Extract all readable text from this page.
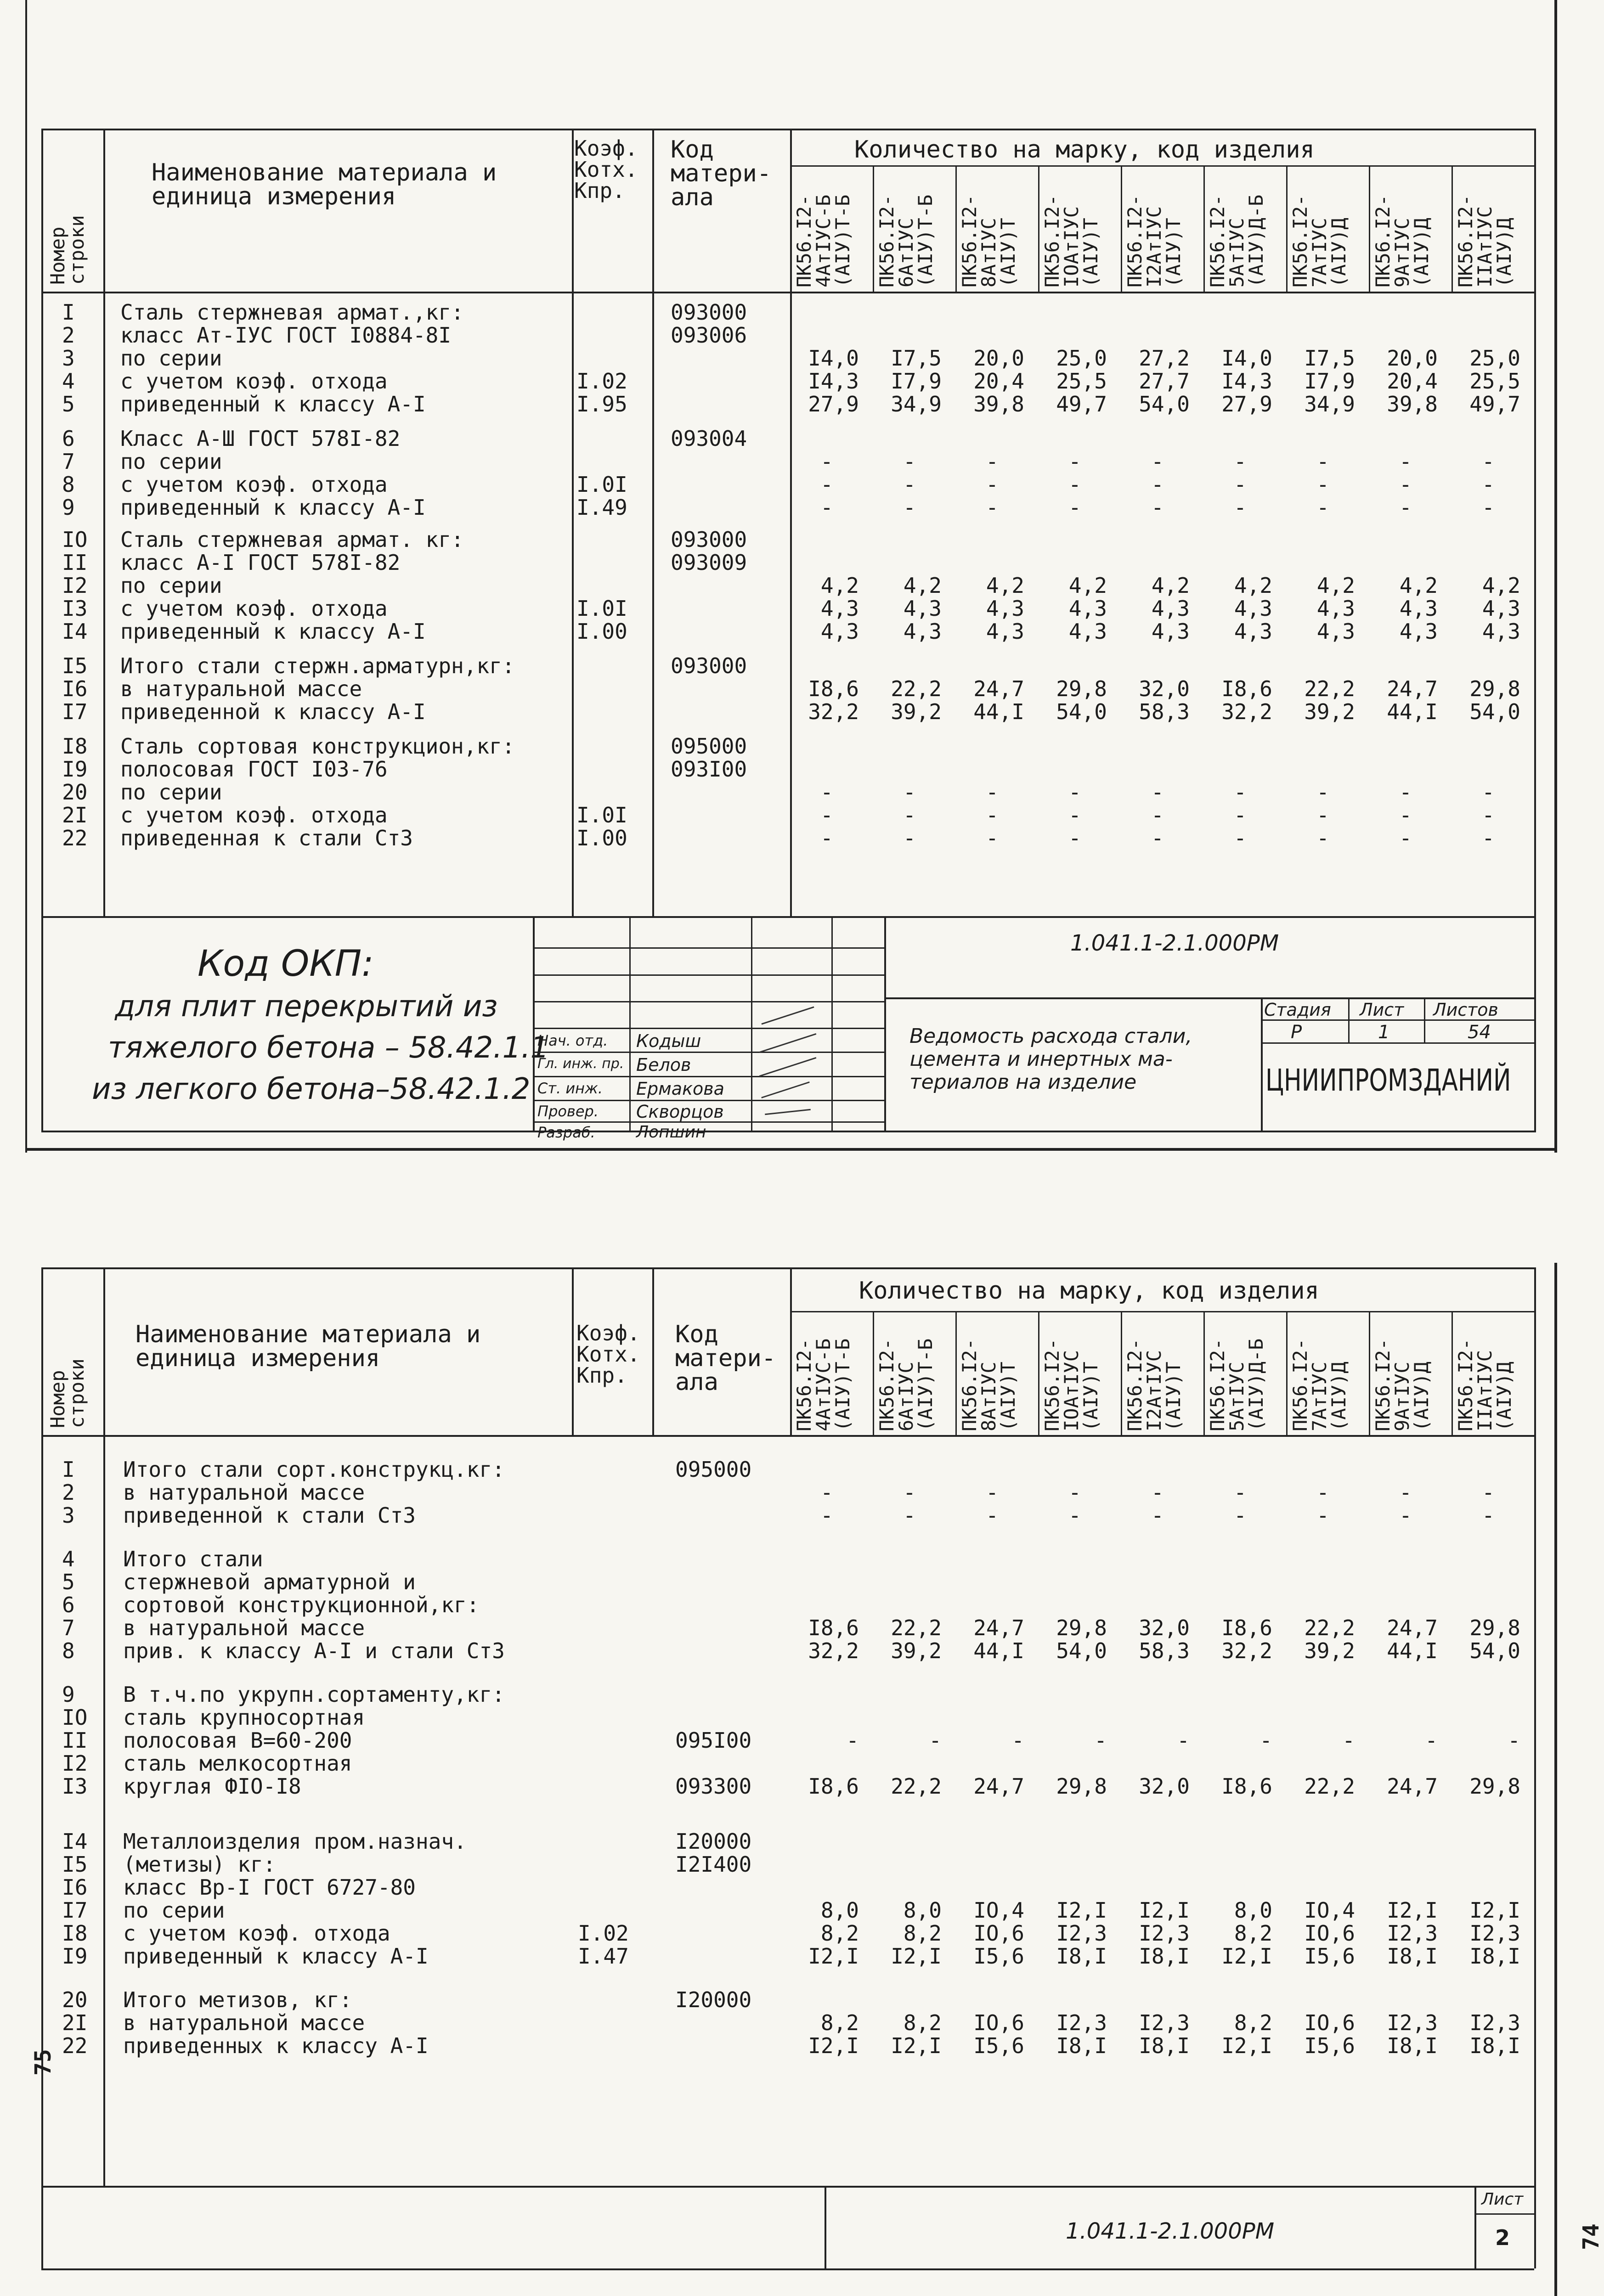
Номер
строки
Наименование материала и
единица измерения
Коэф.
Котх.
Кпр.
Код
матери-
ала
Количество на марку, код изделия
ПК56.I2-
4АтIУС-Б
(АIУ)Т-Б ПК56.I2-
6АтIУС
(АIУ)Т-Б ПК56.I2-
8АтIУС
(АIУ)Т ПК56.I2-
IОАтIУС
(АIУ)Т ПК56.I2-
I2АтIУС
(АIУ)Т ПК56.I2-
5АтIУС
(АIУ)Д-Б ПК56.I2-
7АтIУС
(АIУ)Д ПК56.I2-
9АтIУС
(АIУ)Д ПК56.I2-
IIАтIУС
(АIУ)Д
I
2
3
4
5
Сталь стержневая армат.,кг:
класс Ат-IУС ГОСТ I0884-8I
по серии
с учетом коэф. отхода
приведенный к классу А-I

I.02
I.95
093000
093006

I4,0
I4,3
27,9

I7,5
I7,9
34,9

20,0
20,4
39,8

25,0
25,5
49,7

27,2
27,7
54,0

I4,0
I4,3
27,9

I7,5
I7,9
34,9

20,0
20,4
39,8

25,0
25,5
49,7
6
7
8
9
Класс А-Ш ГОСТ 578I-82
по серии
с учетом коэф. отхода
приведенный к классу А-I

I.0I
I.49
093004

-
-
-

-
-
-

-
-
-

-
-
-

-
-
-

-
-
-

-
-
-

-
-
-

-
-
-
IO
II
I2
I3
I4
Сталь стержневая армат. кг:
класс А-I ГОСТ 578I-82
по серии
с учетом коэф. отхода
приведенный к классу А-I

I.0I
I.00
093000
093009

4,2
4,3
4,3

4,2
4,3
4,3

4,2
4,3
4,3

4,2
4,3
4,3

4,2
4,3
4,3

4,2
4,3
4,3

4,2
4,3
4,3

4,2
4,3
4,3

4,2
4,3
4,3
I5
I6
I7
Итого стали стержн.арматурн,кг:
в натуральной массе
приведенной к классу А-I
093000

I8,6
32,2

22,2
39,2

24,7
44,I

29,8
54,0

32,0
58,3

I8,6
32,2

22,2
39,2

24,7
44,I

29,8
54,0
I8
I9
20
2I
22
Сталь сортовая конструкцион,кг:
полосовая ГОСТ I03-76
по серии
с учетом коэф. отхода
приведенная к стали Ст3

I.0I
I.00
095000
093I00

-
-
-

-
-
-

-
-
-

-
-
-

-
-
-

-
-
-

-
-
-

-
-
-

-
-
-
Код ОКП:
для плит перекрытий из
тяжелого бетона – 58.42.1.1
из легкого бетона–58.42.1.2
Нач. отд.
Гл. инж. пр.
Ст. инж.
Провер.
Разраб.
Кодыш
Белов
Ермакова
Скворцов
Лопшин
1.041.1-2.1.000РМ
Ведомость расхода стали,
цемента и инертных ма-
териалов на изделие
Стадия Лист Листов
Р	1	54
ЦНИИПРОМЗДАНИЙ
Номер
строки
Наименование материала и
единица измерения
Коэф.
Котх.
Кпр.
Код
матери-
ала
Количество на марку, код изделия
ПК56.I2-
4АтIУС-Б
(АIУ)Т-Б ПК56.I2-
6АтIУС
(АIУ)Т-Б ПК56.I2-
8АтIУС
(АIУ)Т ПК56.I2-
IОАтIУС
(АIУ)Т ПК56.I2-
I2АтIУС
(АIУ)Т ПК56.I2-
5АтIУС
(АIУ)Д-Б ПК56.I2-
7АтIУС
(АIУ)Д ПК56.I2-
9АтIУС
(АIУ)Д ПК56.I2-
IIАтIУС
(АIУ)Д
I
2
3
Итого стали сорт.конструкц.кг:
в натуральной массе
приведенной к стали Ст3
095000

-
-

-
-

-
-

-
-

-
-

-
-

-
-

-
-

-
-
4
5
6
7
8
Итого стали
стержневой арматурной и
сортовой конструкционной,кг:
в натуральной массе
прив. к классу А-I и стали Ст3

I8,6
32,2

22,2
39,2

24,7
44,I

29,8
54,0

32,0
58,3

I8,6
32,2

22,2
39,2

24,7
44,I

29,8
54,0
9
IO
II
I2
I3
В т.ч.по укрупн.сортаменту,кг:
сталь крупносортная
полосовая В=60-200
сталь мелкосортная
круглая ФIО-I8

095I00

093300

-

I8,6

-

22,2

-

24,7

-

29,8

-

32,0

-

I8,6

-

22,2

-

24,7

-

29,8
I4
I5
I6
I7
I8
I9
Металлоизделия пром.назнач.
(метизы) кг:
класс Вр-I ГОСТ 6727-80
по серии
с учетом коэф. отхода
приведенный к классу А-I

I.02
I.47
I20000
I2I400

8,0
8,2
I2,I

8,0
8,2
I2,I

IO,4
IO,6
I5,6

I2,I
I2,3
I8,I

I2,I
I2,3
I8,I

8,0
8,2
I2,I

IO,4
IO,6
I5,6

I2,I
I2,3
I8,I

I2,I
I2,3
I8,I
20
2I
22
Итого метизов, кг:
в натуральной массе
приведенных к классу А-I
I20000

8,2
I2,I

8,2
I2,I

IO,6
I5,6

I2,3
I8,I

I2,3
I8,I

8,2
I2,I

IO,6
I5,6

I2,3
I8,I

I2,3
I8,I
1.041.1-2.1.000РМ
Лист
2
75
74
